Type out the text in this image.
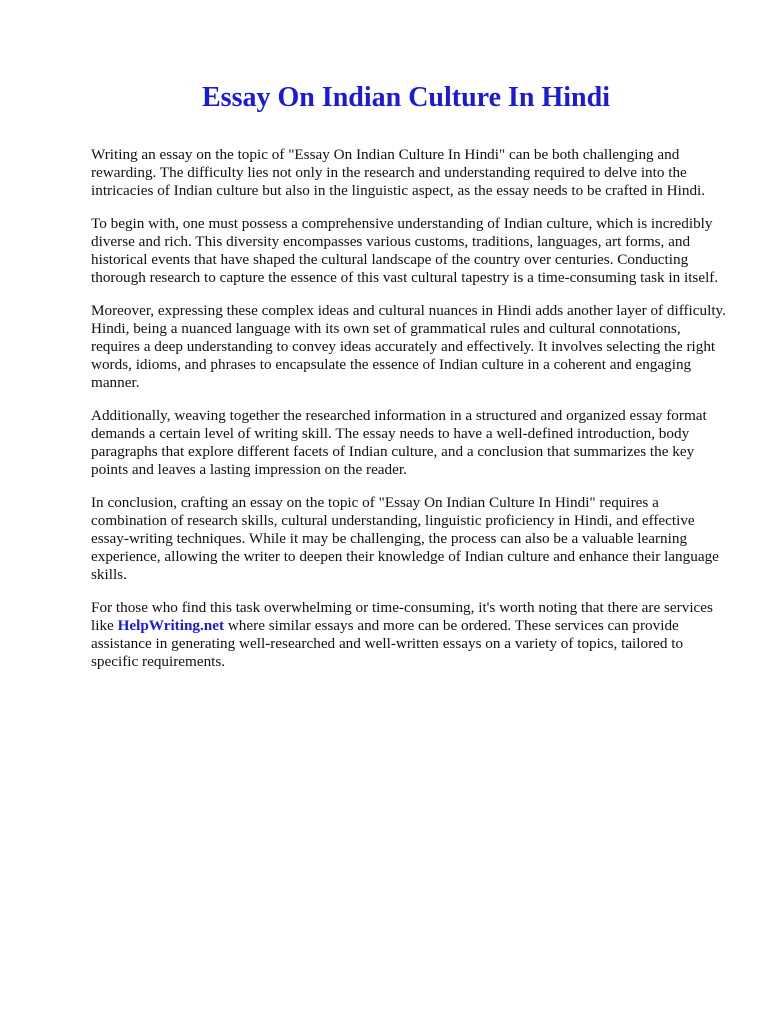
Essay On Indian Culture In Hindi

Writing an essay on the topic of "Essay On Indian Culture In Hindi" can be both challenging and rewarding. The difficulty lies not only in the research and understanding required to delve into the intricacies of Indian culture but also in the linguistic aspect, as the essay needs to be crafted in Hindi.

To begin with, one must possess a comprehensive understanding of Indian culture, which is incredibly diverse and rich. This diversity encompasses various customs, traditions, languages, art forms, and historical events that have shaped the cultural landscape of the country over centuries. Conducting thorough research to capture the essence of this vast cultural tapestry is a time-consuming task in itself.

Moreover, expressing these complex ideas and cultural nuances in Hindi adds another layer of difficulty. Hindi, being a nuanced language with its own set of grammatical rules and cultural connotations, requires a deep understanding to convey ideas accurately and effectively. It involves selecting the right words, idioms, and phrases to encapsulate the essence of Indian culture in a coherent and engaging manner.

Additionally, weaving together the researched information in a structured and organized essay format demands a certain level of writing skill. The essay needs to have a well-defined introduction, body paragraphs that explore different facets of Indian culture, and a conclusion that summarizes the key points and leaves a lasting impression on the reader.

In conclusion, crafting an essay on the topic of "Essay On Indian Culture In Hindi" requires a combination of research skills, cultural understanding, linguistic proficiency in Hindi, and effective essay-writing techniques. While it may be challenging, the process can also be a valuable learning experience, allowing the writer to deepen their knowledge of Indian culture and enhance their language skills.

For those who find this task overwhelming or time-consuming, it's worth noting that there are services like HelpWriting.net where similar essays and more can be ordered. These services can provide assistance in generating well-researched and well-written essays on a variety of topics, tailored to specific requirements.
